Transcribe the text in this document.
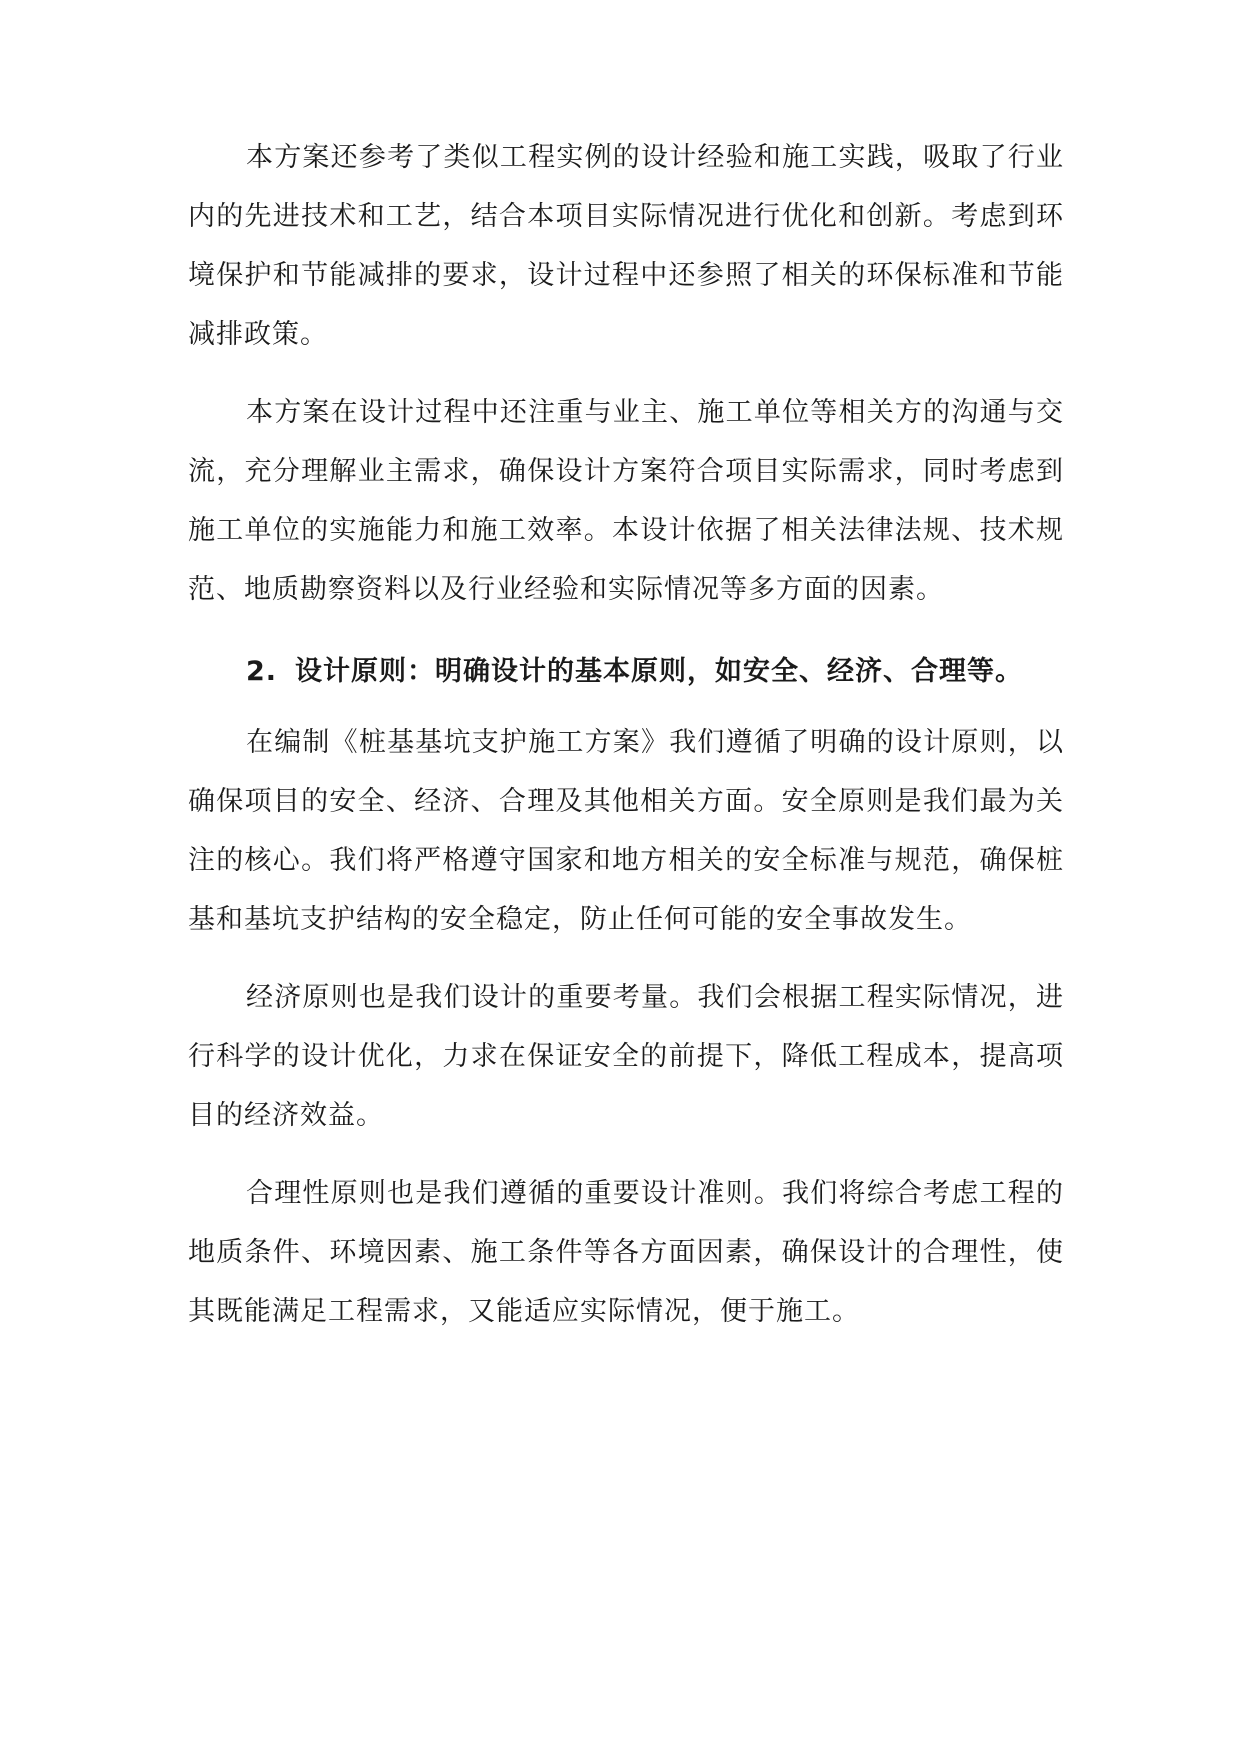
本方案还参考了类似工程实例的设计经验和施工实践，吸取了行业内的先进技术和工艺，结合本项目实际情况进行优化和创新。考虑到环境保护和节能减排的要求，设计过程中还参照了相关的环保标准和节能减排政策。

本方案在设计过程中还注重与业主、施工单位等相关方的沟通与交流，充分理解业主需求，确保设计方案符合项目实际需求，同时考虑到施工单位的实施能力和施工效率。本设计依据了相关法律法规、技术规范、地质勘察资料以及行业经验和实际情况等多方面的因素。

2. 设计原则：明确设计的基本原则，如安全、经济、合理等。

在编制《桩基基坑支护施工方案》我们遵循了明确的设计原则，以确保项目的安全、经济、合理及其他相关方面。安全原则是我们最为关注的核心。我们将严格遵守国家和地方相关的安全标准与规范，确保桩基和基坑支护结构的安全稳定，防止任何可能的安全事故发生。

经济原则也是我们设计的重要考量。我们会根据工程实际情况，进行科学的设计优化，力求在保证安全的前提下，降低工程成本，提高项目的经济效益。

合理性原则也是我们遵循的重要设计准则。我们将综合考虑工程的地质条件、环境因素、施工条件等各方面因素，确保设计的合理性，使其既能满足工程需求，又能适应实际情况，便于施工。
